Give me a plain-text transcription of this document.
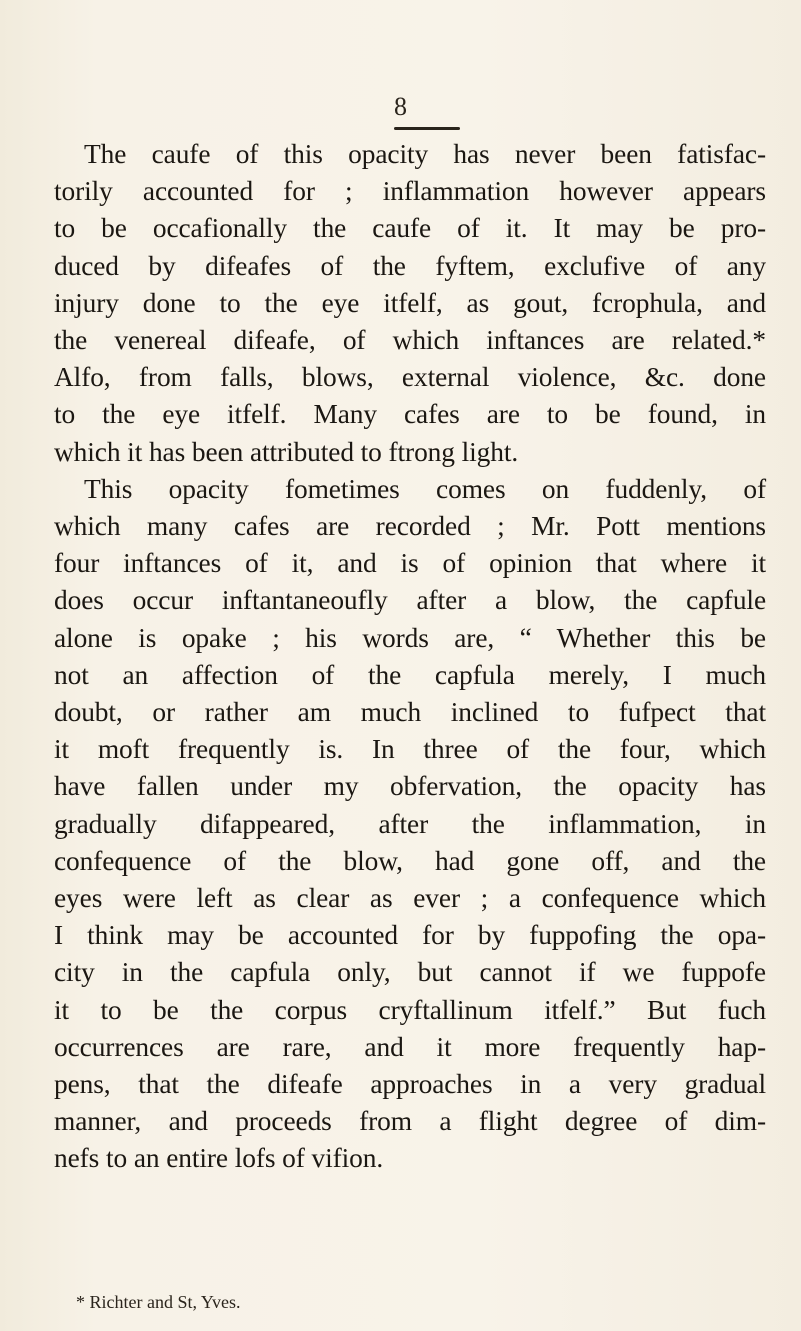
8
The caufe of this opacity has never been fatisfac-
torily accounted for ; inflammation however appears
to be occafionally the caufe of it. It may be pro-
duced by difeafes of the fyftem, exclufive of any
injury done to the eye itfelf, as gout, fcrophula, and
the venereal difeafe, of which inftances are related.*
Alfo, from falls, blows, external violence, &c. done
to the eye itfelf. Many cafes are to be found, in
which it has been attributed to ftrong light.
This opacity fometimes comes on fuddenly, of
which many cafes are recorded ; Mr. Pott mentions
four inftances of it, and is of opinion that where it
does occur inftantaneoufly after a blow, the capfule
alone is opake ; his words are, “ Whether this be
not an affection of the capfula merely, I much
doubt, or rather am much inclined to fufpect that
it moft frequently is. In three of the four, which
have fallen under my obfervation, the opacity has
gradually difappeared, after the inflammation, in
confequence of the blow, had gone off, and the
eyes were left as clear as ever ; a confequence which
I think may be accounted for by fuppofing the opa-
city in the capfula only, but cannot if we fuppofe
it to be the corpus cryftallinum itfelf.” But fuch
occurrences are rare, and it more frequently hap-
pens, that the difeafe approaches in a very gradual
manner, and proceeds from a flight degree of dim-
nefs to an entire lofs of vifion.
* Richter and St, Yves.
